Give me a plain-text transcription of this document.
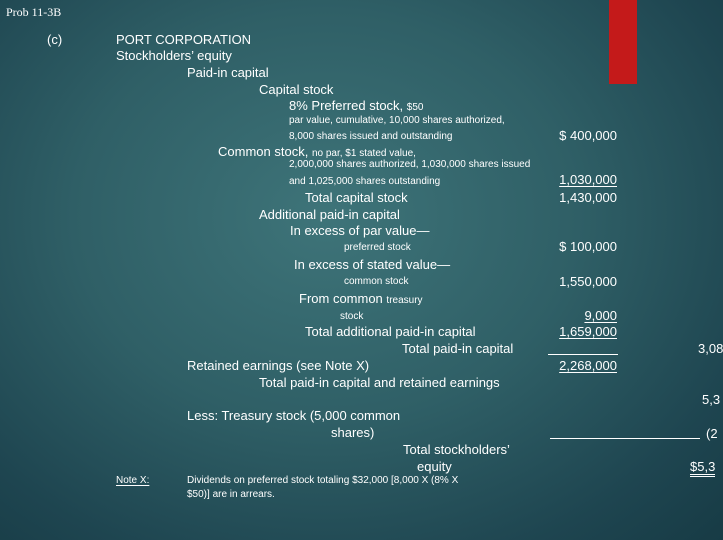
Prob 11-3B
(c)	PORT CORPORATION
Stockholders’ equity
Paid-in capital
Capital stock
8% Preferred stock, $50
par value, cumulative, 10,000 shares authorized,
8,000 shares issued and outstanding	$ 400,000
Common stock, no par, $1 stated value,
2,000,000 shares authorized, 1,030,000 shares issued
and 1,025,000 shares outstanding	1,030,000
Total capital stock	1,430,000
Additional paid-in capital
In excess of par value—
preferred stock	$ 100,000
In excess of stated value—
common stock	1,550,000
From common treasury
stock	9,000
Total additional paid-in capital	1,659,000
Total paid-in capital	3,08
Retained earnings (see Note X)	2,268,000
Total paid-in capital and retained earnings
5,3
Less: Treasury stock (5,000 common
shares)	(2
Total stockholders’
equity	$5,3
Note X:	Dividends on preferred stock totaling $32,000 [8,000 X (8% X
$50)] are in arrears.
